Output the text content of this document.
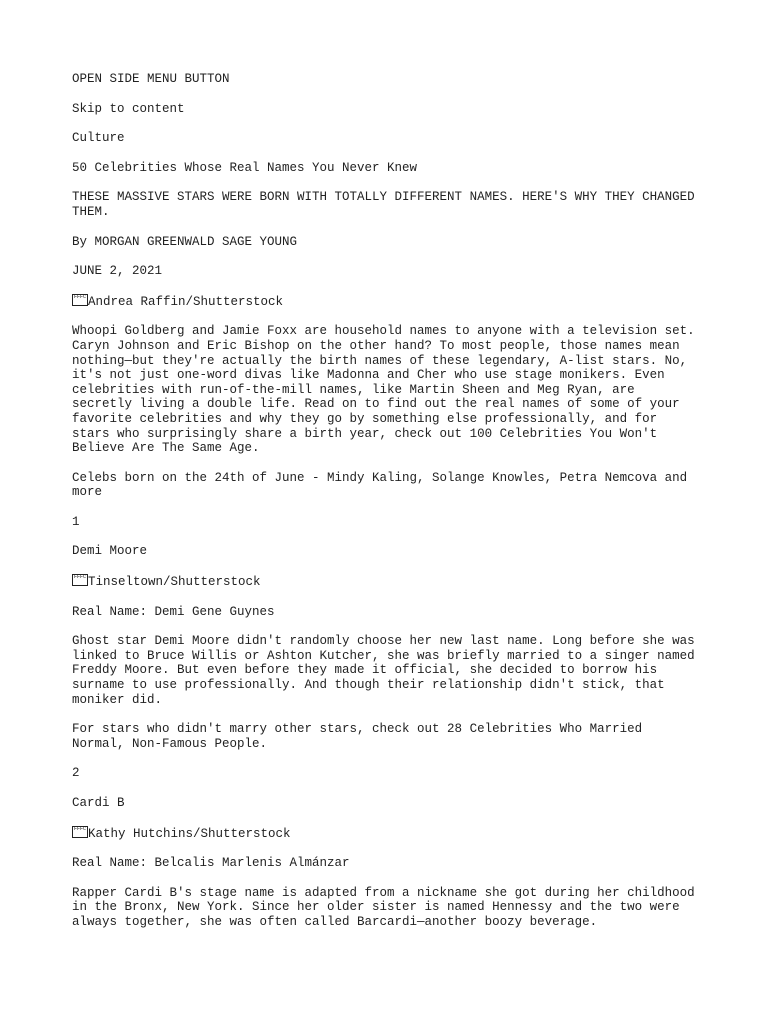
OPEN SIDE MENU BUTTON

Skip to content

Culture

50 Celebrities Whose Real Names You Never Knew

THESE MASSIVE STARS WERE BORN WITH TOTALLY DIFFERENT NAMES. HERE'S WHY THEY CHANGED THEM.

By MORGAN GREENWALD SAGE YOUNG

JUNE 2, 2021

FFFC Andrea Raffin/Shutterstock

Whoopi Goldberg and Jamie Foxx are household names to anyone with a television set. Caryn Johnson and Eric Bishop on the other hand? To most people, those names mean nothing—but they're actually the birth names of these legendary, A-list stars. No, it's not just one-word divas like Madonna and Cher who use stage monikers. Even celebrities with run-of-the-mill names, like Martin Sheen and Meg Ryan, are secretly living a double life. Read on to find out the real names of some of your favorite celebrities and why they go by something else professionally, and for stars who surprisingly share a birth year, check out 100 Celebrities You Won't Believe Are The Same Age.

Celebs born on the 24th of June - Mindy Kaling, Solange Knowles, Petra Nemcova and more

1

Demi Moore

FFFC Tinseltown/Shutterstock

Real Name: Demi Gene Guynes

Ghost star Demi Moore didn't randomly choose her new last name. Long before she was linked to Bruce Willis or Ashton Kutcher, she was briefly married to a singer named Freddy Moore. But even before they made it official, she decided to borrow his surname to use professionally. And though their relationship didn't stick, that moniker did.

For stars who didn't marry other stars, check out 28 Celebrities Who Married Normal, Non-Famous People.

2

Cardi B

FFFC Kathy Hutchins/Shutterstock

Real Name: Belcalis Marlenis Almánzar

Rapper Cardi B's stage name is adapted from a nickname she got during her childhood in the Bronx, New York. Since her older sister is named Hennessy and the two were always together, she was often called Barcardi—another boozy beverage.
